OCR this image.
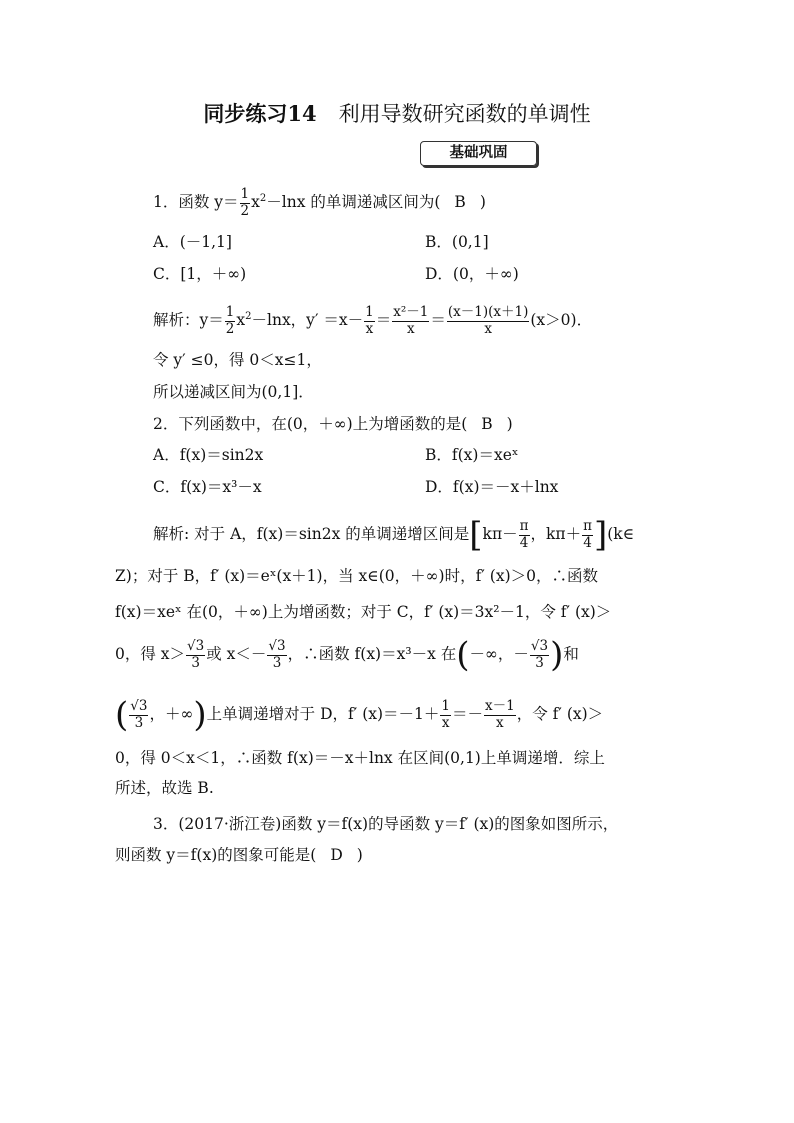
同步练习14 利用导数研究函数的单调性
基础巩固
1．函数 $y= \frac{1}{2} x^2-\ln x$ 的单调递减区间为( B )
A．(－1,1]	B．(0,1]
C．[1，＋∞)	D．(0，＋∞)
解析：$y= \frac{1}{2} x^2-\ln x$，$y' =x- \frac{1}{x} = \frac{\text{x²－1}}{x} = \frac{(x-1)(x+1)}{x} (x>0)$．
令 y′ ≤0，得 0＜x≤1，
所以递减区间为(0,1]．
2．下列函数中，在(0，＋∞)上为增函数的是( B )
A．f(x)＝sin2x	B．f(x)＝xeˣ
C．f(x)＝x³－x	D．f(x)＝－x＋lnx
解析: 对于 A，f(x)＝sin2x 的单调递增区间是[$k\pi- \frac{\pi}{4}$ ，$k\pi+ \frac{\pi}{4}$ ](k∈
Z)；对于 B，f′ (x)＝eˣ(x＋1)，当 x∈(0，＋∞)时，f′ (x)＞0，∴函数
f(x)＝xeˣ 在(0，＋∞)上为增函数；对于 C，f′ (x)＝3x²－1，令 f′ (x)＞
0，得 $x> \frac{√3}{3}$ 或 $x<- \frac{√3}{3}$ ，∴函数 f(x)＝x³－x 在(－∞，－ $\frac{√3}{3}$ )和
( $\frac{√3}{3}$ ，＋∞)上单调递增对于 D，f′ $(x)=-1+ \frac{1}{x} =- \frac{x-1}{x}$ ，令 f′ (x)＞
0，得 0＜x＜1，∴函数 f(x)＝－x＋lnx 在区间(0,1)上单调递增．综上
所述，故选 B.
3．(2017·浙江卷)函数 y＝f(x)的导函数 y＝f′ (x)的图象如图所示，
则函数 y＝f(x)的图象可能是( D )
